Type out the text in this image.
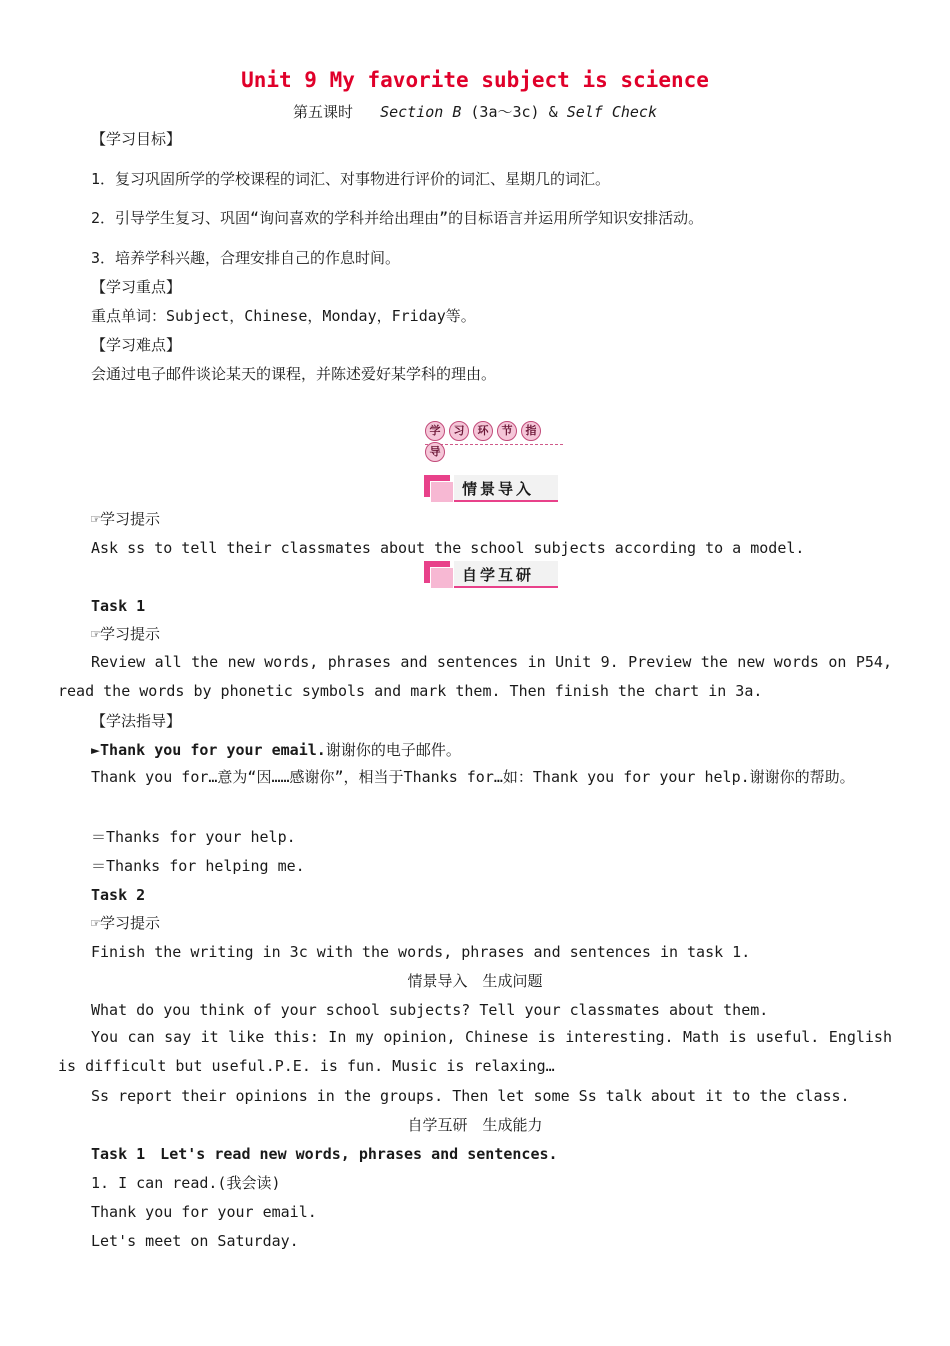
Unit 9 My favorite subject is science
第五课时 Section B (3a～3c) & Self Check
【学习目标】
1．复习巩固所学的学校课程的词汇、对事物进行评价的词汇、星期几的词汇。
2．引导学生复习、巩固“询问喜欢的学科并给出理由”的目标语言并运用所学知识安排活动。
3．培养学科兴趣，合理安排自己的作息时间。
【学习重点】
重点单词：Subject，Chinese，Monday，Friday等。
【学习难点】
会通过电子邮件谈论某天的课程，并陈述爱好某学科的理由。
学 习 环 节 指导
情景导入
☞学习提示
Ask ss to tell their classmates about the school subjects according to a model.
自学互研
Task 1
☞学习提示
Review all the new words, phrases and sentences in Unit 9. Preview the new words on P54, read the words by phonetic symbols and mark them. Then finish the chart in 3a.
【学法指导】
►Thank you for your email.谢谢你的电子邮件。
Thank you for…意为“因……感谢你”，相当于Thanks for…如：Thank you for your help.谢谢你的帮助。
＝Thanks for your help.
＝Thanks for helping me.
Task 2
☞学习提示
Finish the writing in 3c with the words, phrases and sentences in task 1.
情景导入　生成问题
What do you think of your school subjects? Tell your classmates about them.
You can say it like this: In my opinion, Chinese is interesting. Math is useful. English is difficult but useful.P.E. is fun. Music is relaxing…
Ss report their opinions in the groups. Then let some Ss talk about it to the class.
自学互研　生成能力
Task 1　Let's read new words, phrases and sentences.
1. I can read.(我会读)
Thank you for your email.
Let's meet on Saturday.
